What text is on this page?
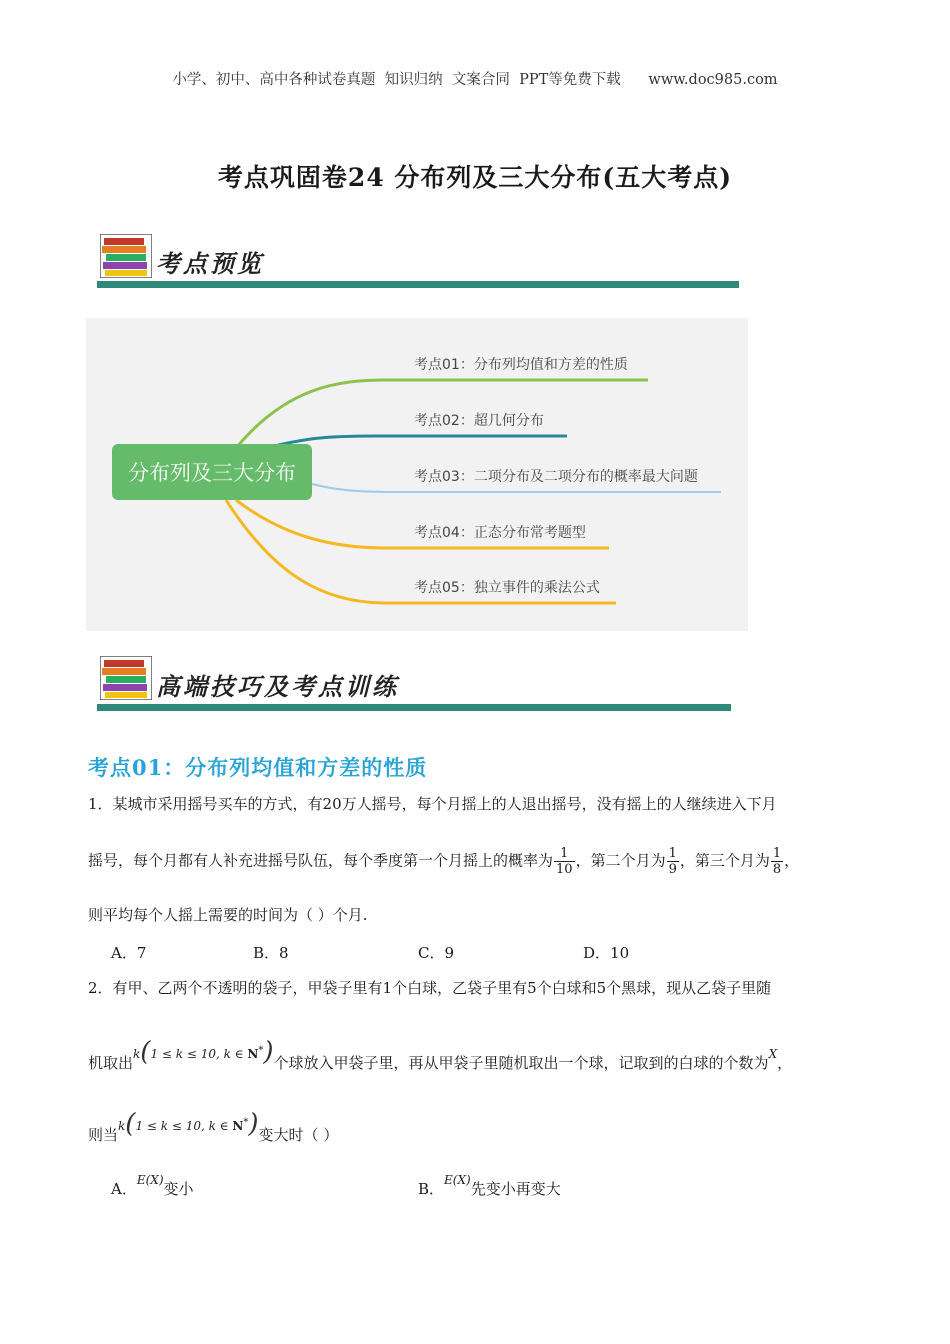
小学、初中、高中各种试卷真题  知识归纳  文案合同  PPT等免费下载      www.doc985.com
考点巩固卷24 分布列及三大分布(五大考点)
考点预览
分布列及三大分布
考点01：分布列均值和方差的性质
考点02：超几何分布
考点03：二项分布及二项分布的概率最大问题
考点04：正态分布常考题型
考点05：独立事件的乘法公式
高端技巧及考点训练
考点01：分布列均值和方差的性质
1．某城市采用摇号买车的方式，有20万人摇号，每个月摇上的人退出摇号，没有摇上的人继续进入下月
摇号，每个月都有人补充进摇号队伍，每个季度第一个月摇上的概率为 $\frac{1}{10}$ ，第二个月为 $\frac{1}{9}$ ，第三个月为 $\frac{1}{8}$ ，
则平均每个人摇上需要的时间为（ ）个月.
A．7	B．8	C．9	D．10
2．有甲、乙两个不透明的袋子，甲袋子里有1个白球，乙袋子里有5个白球和5个黑球，现从乙袋子里随
机取出$^{k(1 \le k \le 10, k \in N^*)}$个球放入甲袋子里，再从甲袋子里随机取出一个球，记取到的白球的个数为$^X$，
则当$^{k(1 \le k \le 10, k \in N^*)}$变大时（ ）
A．$^{E(X)}$变小	B．$^{E(X)}$先变小再变大
